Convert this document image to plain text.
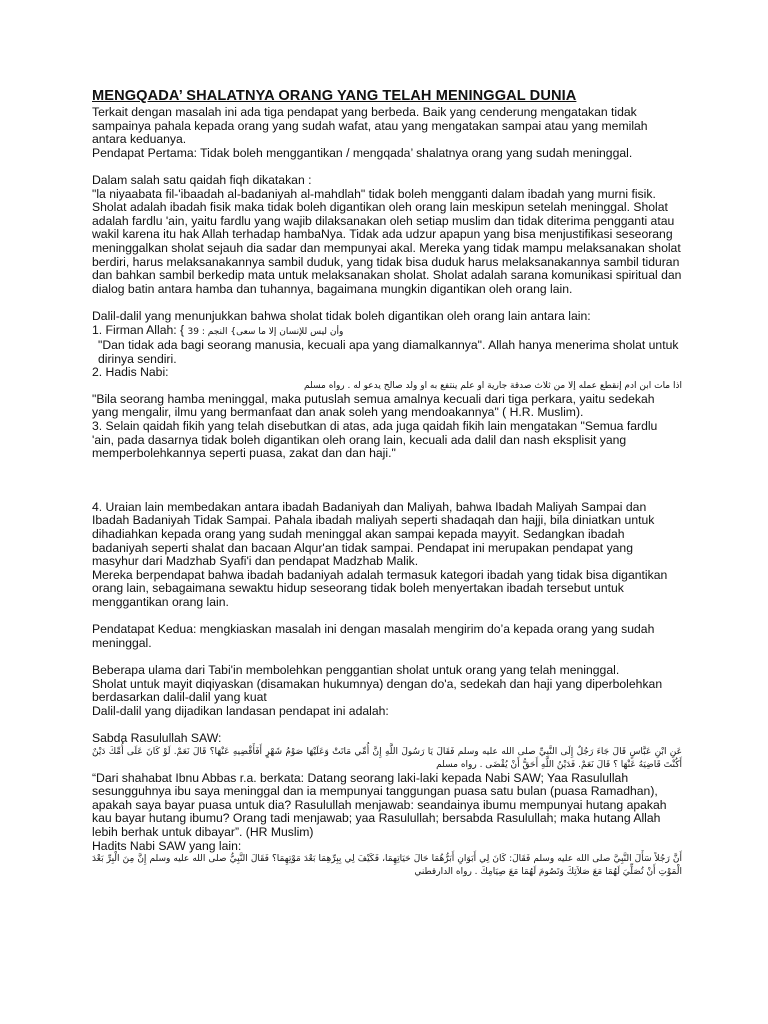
MENGQADA’ SHALATNYA ORANG YANG TELAH MENINGGAL DUNIA

Terkait dengan masalah ini ada tiga pendapat yang berbeda. Baik yang cenderung mengatakan tidak sampainya pahala kepada orang yang sudah wafat, atau yang mengatakan sampai atau yang memilah antara keduanya.

Pendapat Pertama: Tidak boleh menggantikan / mengqada’ shalatnya orang yang sudah meninggal.

Dalam salah satu qaidah fiqh dikatakan :

"la niyaabata fil-'ibaadah al-badaniyah al-mahdlah" tidak boleh mengganti dalam ibadah yang murni fisik.

Sholat adalah ibadah fisik maka tidak boleh digantikan oleh orang lain meskipun setelah meninggal. Sholat adalah fardlu 'ain, yaitu fardlu yang wajib dilaksanakan oleh setiap muslim dan tidak diterima pengganti atau wakil karena itu hak Allah terhadap hambaNya. Tidak ada udzur apapun yang bisa menjustifikasi seseorang meninggalkan sholat sejauh dia sadar dan mempunyai akal. Mereka yang tidak mampu melaksanakan sholat berdiri, harus melaksanakannya sambil duduk, yang tidak bisa duduk harus melaksanakannya sambil tiduran dan bahkan sambil berkedip mata untuk melaksanakan sholat. Sholat adalah sarana komunikasi spiritual dan dialog batin antara hamba dan tuhannya, bagaimana mungkin digantikan oleh orang lain.

Dalil-dalil yang menunjukkan bahwa sholat tidak boleh digantikan oleh orang lain antara lain:

1. Firman Allah: { وأن ليس للإنسان إلا ما سعى} النجم : 39

"Dan tidak ada bagi seorang manusia, kecuali apa yang diamalkannya". Allah hanya menerima sholat untuk dirinya sendiri.

2. Hadis Nabi:

اذا مات ابن ادم إنقطع عمله إلا من ثلاث صدقة جارية او علم ينتفع به او ولد صالح يدعو له . رواه مسلم

"Bila seorang hamba meninggal, maka putuslah semua amalnya kecuali dari tiga perkara, yaitu sedekah yang mengalir, ilmu yang bermanfaat dan anak soleh yang mendoakannya" ( H.R. Muslim).

3. Selain qaidah fikih yang telah disebutkan di atas, ada juga qaidah fikih lain mengatakan "Semua fardlu 'ain, pada dasarnya tidak boleh digantikan oleh orang lain, kecuali ada dalil dan nash eksplisit yang memperbolehkannya seperti puasa, zakat dan dan haji."

4. Uraian lain membedakan antara ibadah Badaniyah dan Maliyah, bahwa Ibadah Maliyah Sampai dan Ibadah Badaniyah Tidak Sampai. Pahala ibadah maliyah seperti shadaqah dan hajji, bila diniatkan untuk dihadiahkan kepada orang yang sudah meninggal akan sampai kepada mayyit. Sedangkan ibadah badaniyah seperti shalat dan bacaan Alqur'an tidak sampai. Pendapat ini merupakan pendapat yang masyhur dari Madzhab Syafi'i dan pendapat Madzhab Malik.

Mereka berpendapat bahwa ibadah badaniyah adalah termasuk kategori ibadah yang tidak bisa digantikan orang lain, sebagaimana sewaktu hidup seseorang tidak boleh menyertakan ibadah tersebut untuk menggantikan orang lain.

Pendatapat Kedua: mengkiaskan masalah ini dengan masalah mengirim do’a kepada orang yang sudah meninggal.

Beberapa ulama dari Tabi'in membolehkan penggantian sholat untuk orang yang telah meninggal.

Sholat untuk mayit diqiyaskan (disamakan hukumnya) dengan do'a, sedekah dan haji yang diperbolehkan berdasarkan dalil-dalil yang kuat

Dalil-dalil yang dijadikan landasan pendapat ini adalah:

Sabda Rasulullah SAW:

عَنِ ابْنِ عَبَّاسٍ قَالَ جَاءَ رَجُلٌ إِلَى النَّبِيِّ صلى الله عليه وسلم فَقَالَ يَا رَسُولَ اللَّهِ إِنَّ أُمِّي مَاتَتْ وَعَلَيْهَا صَوْمُ شَهْرٍ أَفَأَقْضِيهِ عَنْهَا؟ قَالَ نَعَمْ. لَوْ كَانَ عَلَى أُمِّكَ دَيْنٌ أَكُنْتَ قَاضِيَهُ عَنْهَا ؟ قَالَ نَعَمْ. فَدَيْنُ اللَّهِ أَحَقُّ أَنْ يُقْضَى . رواه مسلم

“Dari shahabat Ibnu Abbas r.a. berkata: Datang seorang laki-laki kepada Nabi SAW; Yaa Rasulullah sesungguhnya ibu saya meninggal dan ia mempunyai tanggungan puasa satu bulan (puasa Ramadhan), apakah saya bayar puasa untuk dia? Rasulullah menjawab: seandainya ibumu mempunyai hutang apakah kau bayar hutang ibumu? Orang tadi menjawab; yaa Rasulullah; bersabda Rasulullah; maka hutang Allah lebih berhak untuk dibayar”. (HR Muslim)

Hadits Nabi SAW yang lain:

أَنَّ رَجُلاً سَأَلَ النَّبِيَّ صلى الله عليه وسلم فَقَالَ: كَانَ لِي أَبَوَانِ أَبَرُّهُمَا حَالَ حَيَاتِهِمَا، فَكَيْفَ لِي بِبِرِّهِمَا بَعْدَ مَوْتِهِمَا؟ فَقَالَ النَّبِيُّ صلى الله عليه وسلم إِنَّ مِنَ الْبِرِّ بَعْدَ الْمَوْتِ أَنْ تُصَلِّيَ لَهُمَا مَعَ صَلاَتِكَ وَتَصُومَ لَهُمَا مَعَ صِيَامِكَ . رواه الدارقطني
